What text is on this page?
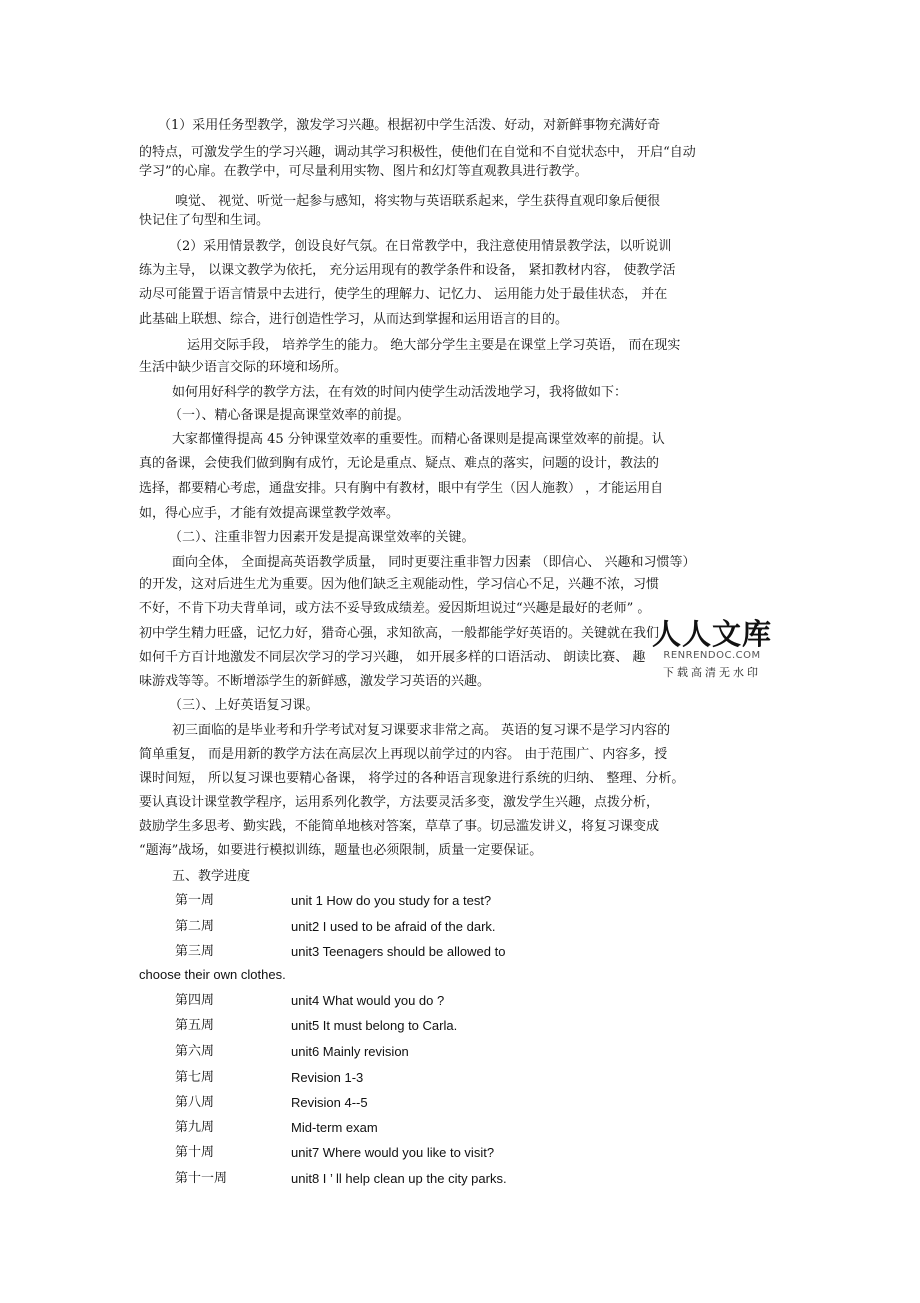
（1）采用任务型教学，激发学习兴趣。根据初中学生活泼、好动，对新鲜事物充满好奇
的特点，可激发学生的学习兴趣，调动其学习积极性，使他们在自觉和不自觉状态中， 开启“自动
学习”的心扉。在教学中，可尽量利用实物、图片和幻灯等直观教具进行教学。
嗅觉、 视觉、听觉一起参与感知，将实物与英语联系起来，学生获得直观印象后便很
快记住了句型和生词。
（2）采用情景教学，创设良好气氛。在日常教学中，我注意使用情景教学法，以听说训
练为主导， 以课文教学为依托， 充分运用现有的教学条件和设备， 紧扣教材内容， 使教学活
动尽可能置于语言情景中去进行，使学生的理解力、记忆力、 运用能力处于最佳状态， 并在
此基础上联想、综合，进行创造性学习，从而达到掌握和运用语言的目的。
运用交际手段， 培养学生的能力。 绝大部分学生主要是在课堂上学习英语， 而在现实
生活中缺少语言交际的环境和场所。
如何用好科学的教学方法，在有效的时间内使学生动活泼地学习，我将做如下：
（一）、精心备课是提高课堂效率的前提。
大家都懂得提高 45 分钟课堂效率的重要性。而精心备课则是提高课堂效率的前提。认
真的备课，会使我们做到胸有成竹，无论是重点、疑点、难点的落实，问题的设计，教法的
选择，都要精心考虑，通盘安排。只有胸中有教材，眼中有学生（因人施教） ，才能运用自
如，得心应手，才能有效提高课堂教学效率。
（二）、注重非智力因素开发是提高课堂效率的关键。
面向全体， 全面提高英语教学质量， 同时更要注重非智力因素 （即信心、 兴趣和习惯等）
的开发，这对后进生尤为重要。因为他们缺乏主观能动性，学习信心不足，兴趣不浓，习惯
不好，不肯下功夫背单词，或方法不妥导致成绩差。爱因斯坦说过“兴趣是最好的老师” 。
初中学生精力旺盛，记忆力好，猎奇心强，求知欲高，一般都能学好英语的。关键就在我们
如何千方百计地激发不同层次学习的学习兴趣， 如开展多样的口语活动、 朗读比赛、 趣
味游戏等等。不断增添学生的新鲜感，激发学习英语的兴趣。
（三）、上好英语复习课。
初三面临的是毕业考和升学考试对复习课要求非常之高。 英语的复习课不是学习内容的
简单重复， 而是用新的教学方法在高层次上再现以前学过的内容。 由于范围广、内容多，授
课时间短， 所以复习课也要精心备课， 将学过的各种语言现象进行系统的归纳、 整理、分析。
要认真设计课堂教学程序，运用系列化教学，方法要灵活多变，激发学生兴趣，点拨分析，
鼓励学生多思考、勤实践，不能简单地核对答案，草草了事。切忌滥发讲义，将复习课变成
“题海”战场，如要进行模拟训练，题量也必须限制，质量一定要保证。
五、教学进度
第一周	unit 1 How do you study for a test?
第二周	unit2 I used to be afraid of the dark.
第三周	unit3 Teenagers should be allowed to
choose their own clothes.
第四周	unit4 What would you do ?
第五周	unit5 It must belong to Carla.
第六周	unit6 Mainly revision
第七周	Revision 1-3
第八周	Revision 4--5
第九周	Mid-term exam
第十周	unit7 Where would you like to visit?
第十一周	unit8 I ’ ll help clean up the city parks.
人人文库
RENRENDOC.COM
下载高清无水印
